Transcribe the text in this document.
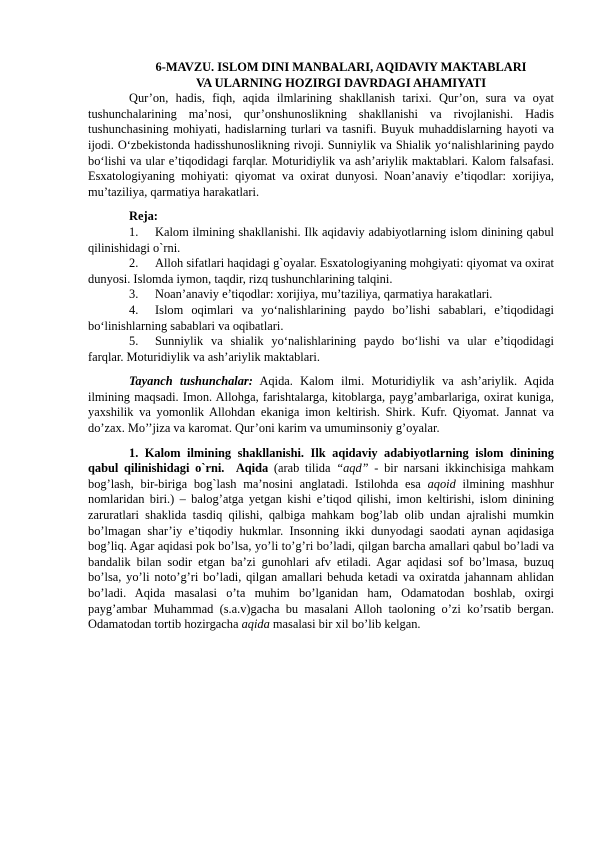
6-MAVZU. ISLOM DINI MANBALARI, AQIDAVIY MAKTABLARI
VA ULARNING HOZIRGI DAVRDAGI AHAMIYATI

Qur’on, hadis, fiqh, aqida ilmlarining shakllanish tarixi. Qur’on, sura va oyat tushunchalarining ma’nosi, qur’onshunoslikning shakllanishi va rivojlanishi. Hadis tushunchasining mohiyati, hadislarning turlari va tasnifi. Buyuk muhaddislarning hayoti va ijodi. O‘zbekistonda hadisshunoslikning rivoji. Sunniylik va Shialik yo‘nalishlarining paydo bo‘lishi va ular e’tiqodidagi farqlar. Moturidiylik va ash’ariylik maktablari. Kalom falsafasi. Esxatologiyaning mohiyati: qiyomat va oxirat dunyosi. Noan’anaviy e’tiqodlar: xorijiya, mu’taziliya, qarmatiya harakatlari.

Reja:

1. Kalom ilmining shakllanishi. Ilk aqidaviy adabiyotlarning islom dinining qabul qilinishidagi o`rni.

2. Alloh sifatlari haqidagi g`oyalar. Esxatologiyaning mohgiyati: qiyomat va oxirat dunyosi. Islomda iymon, taqdir, rizq tushunchlarining talqini.

3. Noan’anaviy e’tiqodlar: xorijiya, mu’taziliya, qarmatiya harakatlari.

4. Islom oqimlari va yo‘nalishlarining paydo bo’lishi sabablari, e’tiqodidagi bo‘linishlarning sabablari va oqibatlari.

5. Sunniylik va shialik yo‘nalishlarining paydo bo‘lishi va ular e’tiqodidagi farqlar. Moturidiylik va ash’ariylik maktablari.

Tayanch tushunchalar: Aqida. Kalom ilmi. Moturidiylik va ash’ariylik. Aqida ilmining maqsadi. Imon. Allohga, farishtalarga, kitoblarga, payg’ambarlariga, oxirat kuniga, yaxshilik va yomonlik Allohdan ekaniga imon keltirish. Shirk. Kufr. Qiyomat. Jannat va do’zax. Mo’’jiza va karomat. Qur’oni karim va umuminsoniy g’oyalar.

1. Kalom ilmining shakllanishi. Ilk aqidaviy adabiyotlarning islom dinining qabul qilinishidagi o`rni. Aqida (arab tilida “aqd” - bir narsani ikkinchisiga mahkam bog’lash, bir-biriga bog`lash ma’nosini anglatadi. Istilohda esa aqoid ilmining mashhur nomlaridan biri.) – balog’atga yetgan kishi e’tiqod qilishi, imon keltirishi, islom dinining zaruratlari shaklida tasdiq qilishi, qalbiga mahkam bog’lab olib undan ajralishi mumkin bo’lmagan shar’iy e’tiqodiy hukmlar. Insonning ikki dunyodagi saodati aynan aqidasiga bog’liq. Agar aqidasi pok bo’lsa, yo’li to’g’ri bo’ladi, qilgan barcha amallari qabul bo’ladi va bandalik bilan sodir etgan ba’zi gunohlari afv etiladi. Agar aqidasi sof bo’lmasa, buzuq bo’lsa, yo’li noto’g’ri bo’ladi, qilgan amallari behuda ketadi va oxiratda jahannam ahlidan bo’ladi. Aqida masalasi o’ta muhim bo’lganidan ham, Odamatodan boshlab, oxirgi payg’ambar Muhammad (s.a.v)gacha bu masalani Alloh taoloning o’zi ko’rsatib bergan. Odamatodan tortib hozirgacha aqida masalasi bir xil bo’lib kelgan.
